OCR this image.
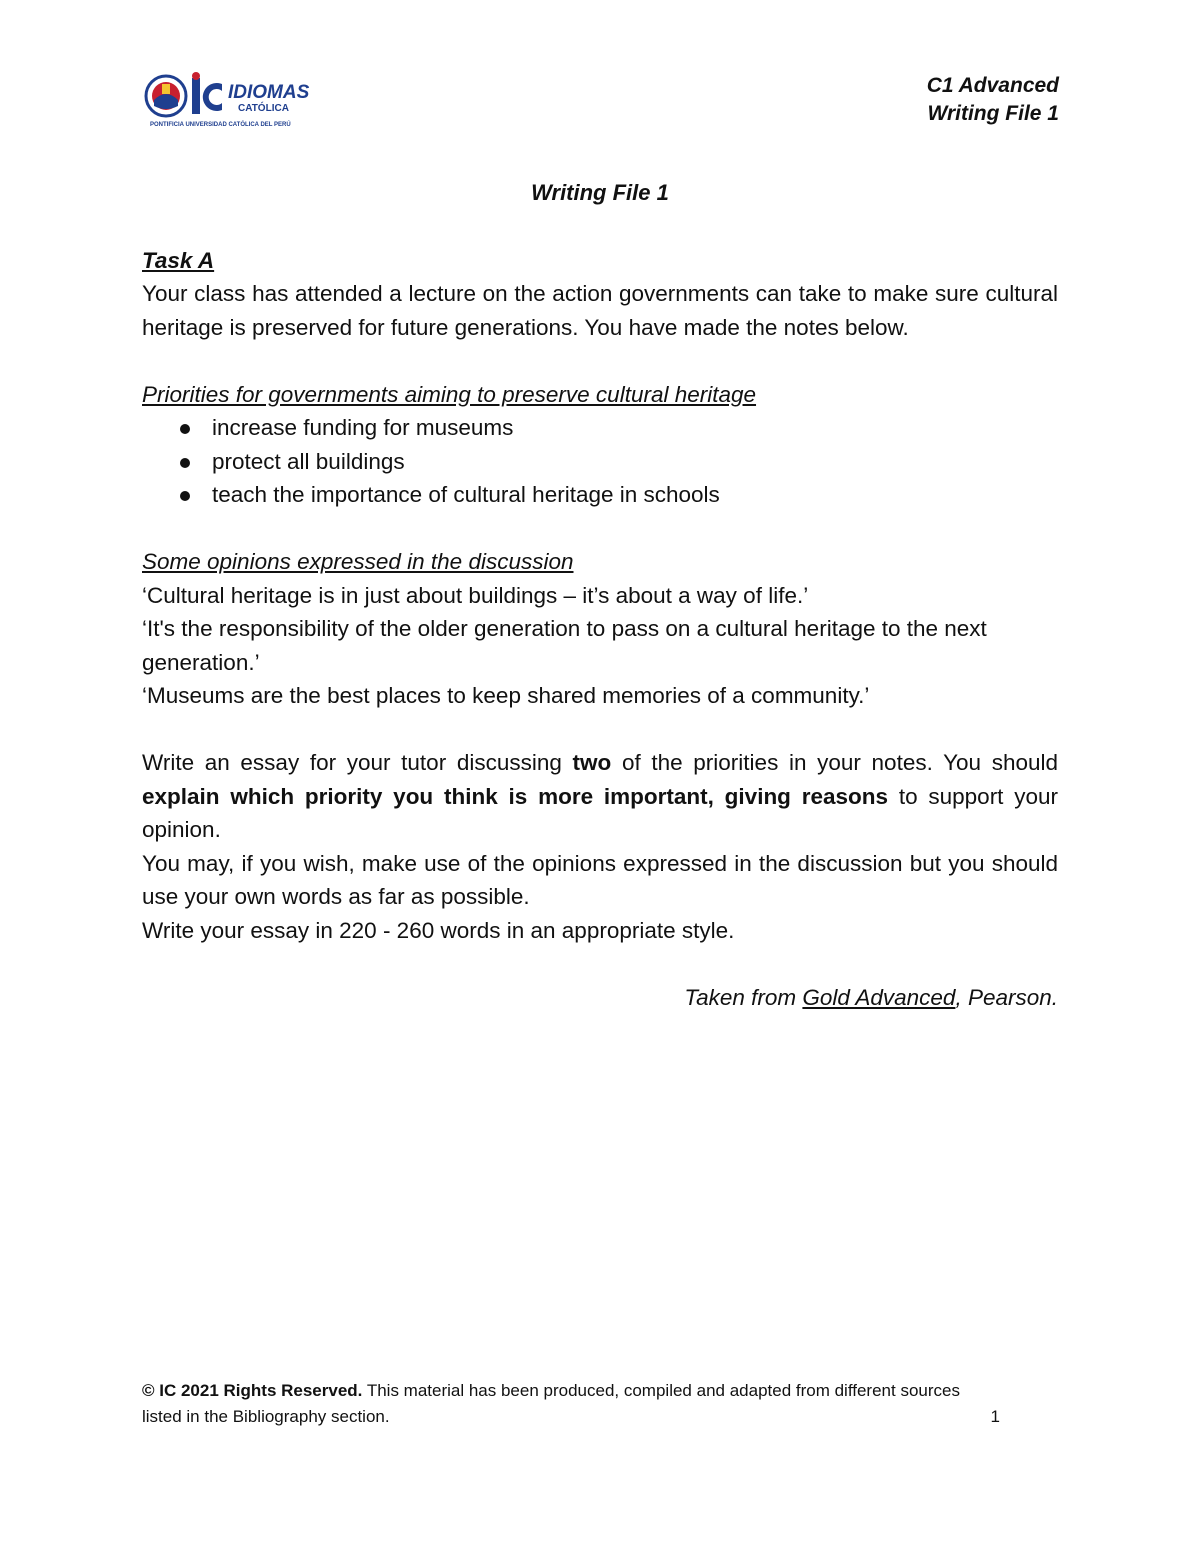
IDIOMAS
CATÓLICA
PONTIFICIA UNIVERSIDAD CATÓLICA DEL PERÚ
C1 Advanced
Writing File 1
Writing File 1
Task A

Your class has attended a lecture on the action governments can take to make sure cultural heritage is preserved for future generations. You have made the notes below.

Priorities for governments aiming to preserve cultural heritage

increase funding for museums
protect all buildings
teach the importance of cultural heritage in schools

Some opinions expressed in the discussion

‘Cultural heritage is in just about buildings – it’s about a way of life.’

‘It's the responsibility of the older generation to pass on a cultural heritage to the next generation.’

‘Museums are the best places to keep shared memories of a community.’

Write an essay for your tutor discussing two of the priorities in your notes. You should explain which priority you think is more important, giving reasons to support your opinion.

You may, if you wish, make use of the opinions expressed in the discussion but you should use your own words as far as possible.

Write your essay in 220 - 260 words in an appropriate style.

Taken from Gold Advanced, Pearson.

© IC 2021 Rights Reserved. This material has been produced, compiled and adapted from different sources listed in the Bibliography section.	1
